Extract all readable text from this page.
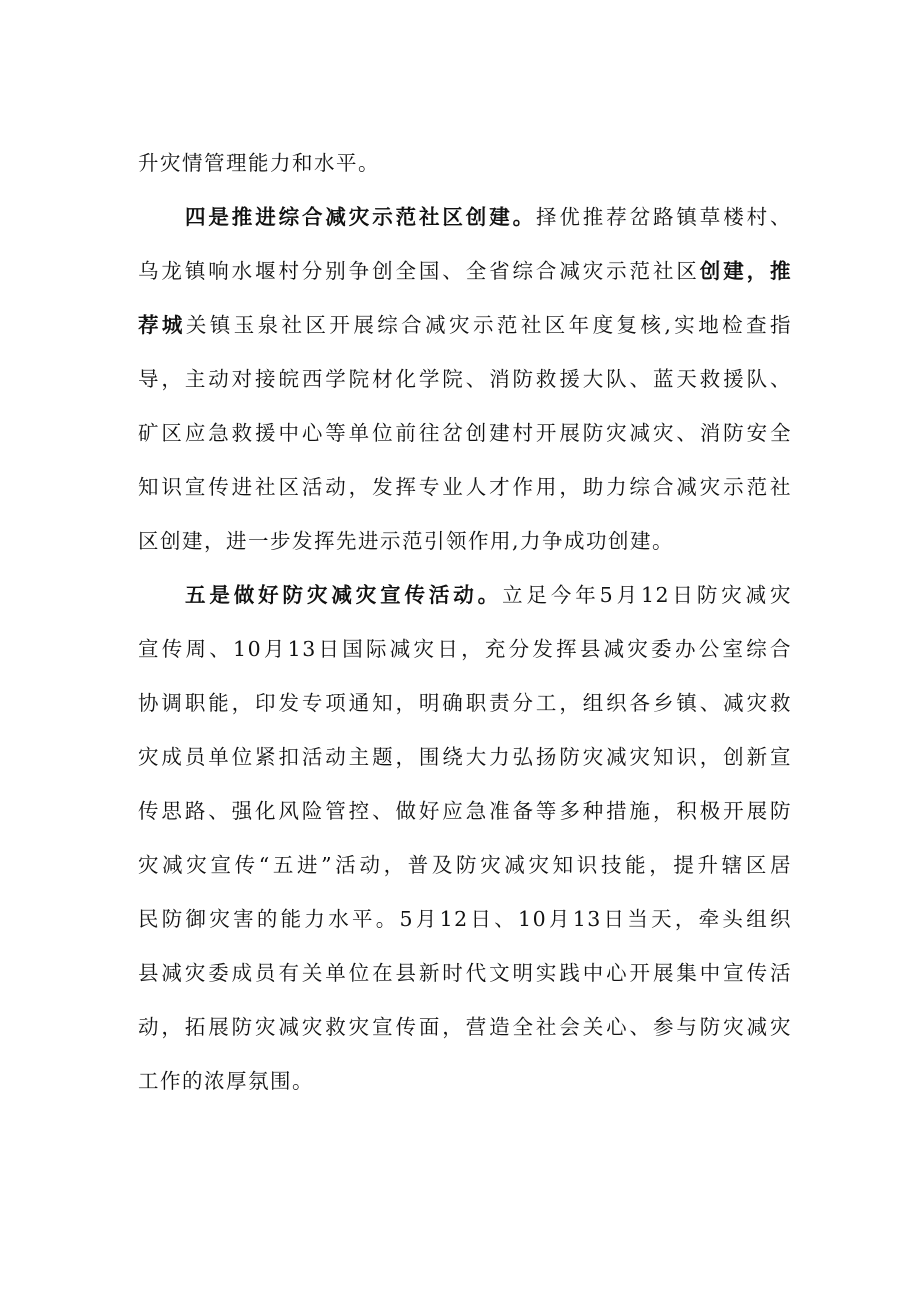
升灾情管理能力和水平。
四是推进综合减灾示范社区创建。择优推荐岔路镇草楼村、
乌龙镇响水堰村分别争创全国、全省综合减灾示范社区创建，推
荐城关镇玉泉社区开展综合减灾示范社区年度复核,实地检查指
导，主动对接皖西学院材化学院、消防救援大队、蓝天救援队、
矿区应急救援中心等单位前往岔创建村开展防灾减灾、消防安全
知识宣传进社区活动，发挥专业人才作用，助力综合减灾示范社
区创建，进一步发挥先进示范引领作用,力争成功创建。
五是做好防灾减灾宣传活动。立足今年5月12日防灾减灾
宣传周、10月13日国际减灾日，充分发挥县减灾委办公室综合
协调职能，印发专项通知，明确职责分工，组织各乡镇、减灾救
灾成员单位紧扣活动主题，围绕大力弘扬防灾减灾知识，创新宣
传思路、强化风险管控、做好应急准备等多种措施，积极开展防
灾减灾宣传“五进”活动，普及防灾减灾知识技能，提升辖区居
民防御灾害的能力水平。5月12日、10月13日当天，牵头组织
县减灾委成员有关单位在县新时代文明实践中心开展集中宣传活
动，拓展防灾减灾救灾宣传面，营造全社会关心、参与防灾减灾
工作的浓厚氛围。
